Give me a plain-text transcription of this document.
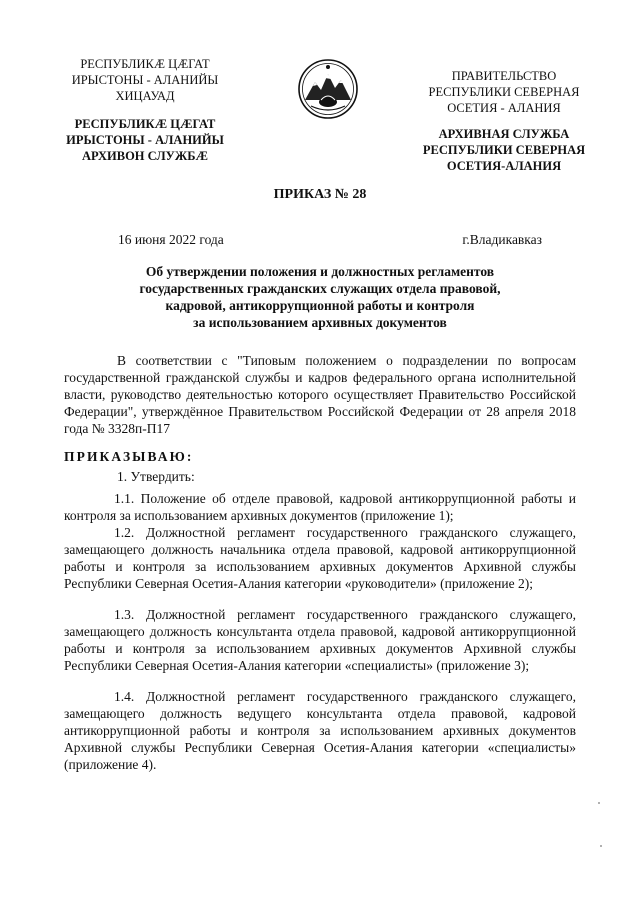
РЕСПУБЛИКӔ ЦӔГАТ
ИРЫСТОНЫ - АЛАНИЙЫ
ХИЦАУАД
РЕСПУБЛИКӔ ЦӔГАТ
ИРЫСТОНЫ - АЛАНИЙЫ
АРХИВОН СЛУЖБӔ
ПРАВИТЕЛЬСТВО
РЕСПУБЛИКИ СЕВЕРНАЯ
ОСЕТИЯ - АЛАНИЯ
АРХИВНАЯ СЛУЖБА
РЕСПУБЛИКИ СЕВЕРНАЯ
ОСЕТИЯ-АЛАНИЯ
ПРИКАЗ № 28
16 июня 2022 года	г.Владикавказ
Об утверждении положения и должностных регламентов
государственных гражданских служащих отдела правовой,
кадровой, антикоррупционной работы и контроля
за использованием архивных документов
В соответствии с "Типовым положением о подразделении по вопросам государственной гражданской службы и кадров федерального органа исполнительной власти, руководство деятельностью которого осуществляет Правительство Российской Федерации", утверждённое Правительством Российской Федерации от 28 апреля 2018 года № 3328п-П17
ПРИКАЗЫВАЮ:
1. Утвердить:
1.1. Положение об отделе правовой, кадровой антикоррупционной работы и контроля за использованием архивных документов (приложение 1);
1.2. Должностной регламент государственного гражданского служащего, замещающего должность начальника отдела правовой, кадровой антикоррупционной работы и контроля за использованием архивных документов Архивной службы Республики Северная Осетия-Алания категории «руководители» (приложение 2);
1.3. Должностной регламент государственного гражданского служащего, замещающего должность консультанта отдела правовой, кадровой антикоррупционной работы и контроля за использованием архивных документов Архивной службы Республики Северная Осетия-Алания категории «специалисты» (приложение 3);
1.4. Должностной регламент государственного гражданского служащего, замещающего должность ведущего консультанта отдела правовой, кадровой антикоррупционной работы и контроля за использованием архивных документов Архивной службы Республики Северная Осетия-Алания категории «специалисты» (приложение 4).
